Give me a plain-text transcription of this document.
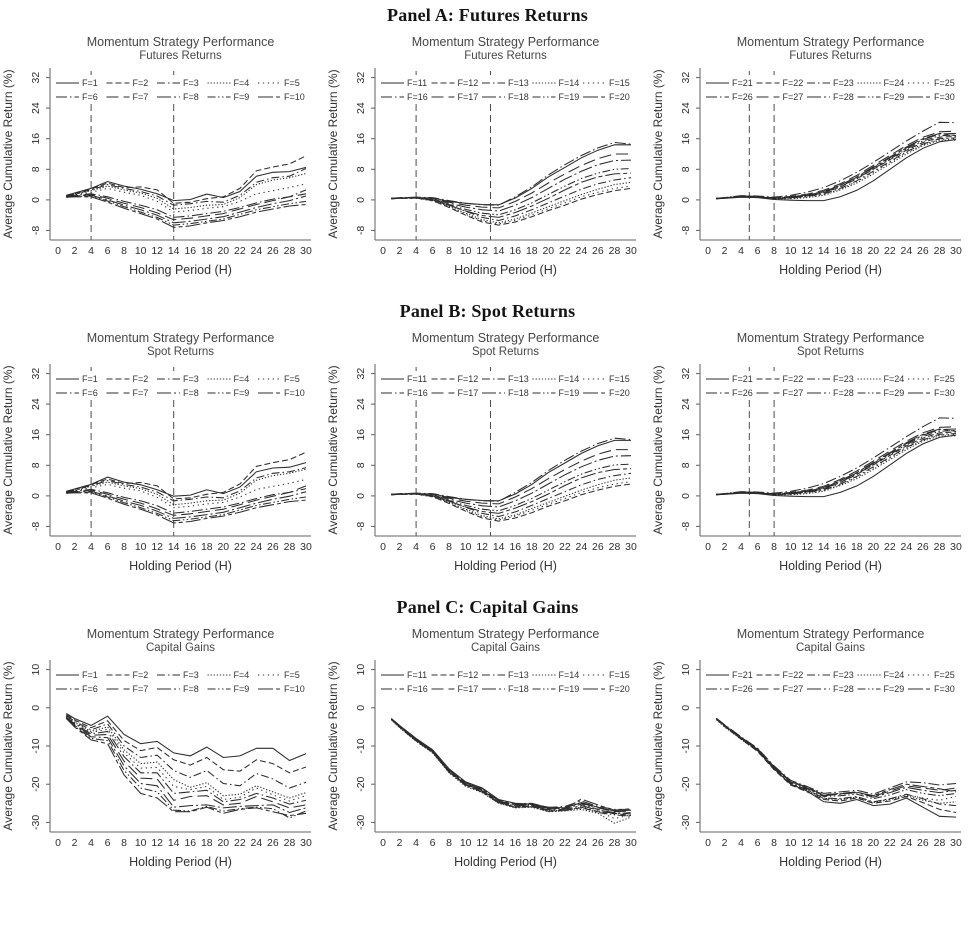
Panel A: Futures Returns
Momentum Strategy Performance
Futures Returns
F=1	F=2	F=3	F=4	F=5
F=6	F=7	F=8	F=9	F=10
0 2 4 6 8 10 12 14 16 18 20 22 24 26 28 30
-8
0
8
16
24
32
Holding Period (H)
Average Cumulative Return (%)
Momentum Strategy Performance
Futures Returns
F=11	F=12	F=13	F=14	F=15
F=16	F=17	F=18	F=19	F=20
0 2 4 6 8 10 12 14 16 18 20 22 24 26 28 30
-8
0
8
16
24
32
Holding Period (H)
Average Cumulative Return (%)
Momentum Strategy Performance
Futures Returns
F=21	F=22	F=23	F=24	F=25
F=26	F=27	F=28	F=29	F=30
0 2 4 6 8 10 12 14 16 18 20 22 24 26 28 30
-8
0
8
16
24
32
Holding Period (H)
Average Cumulative Return (%)
Panel B: Spot Returns
Momentum Strategy Performance
Spot Returns
F=1	F=2	F=3	F=4	F=5
F=6	F=7	F=8	F=9	F=10
0 2 4 6 8 10 12 14 16 18 20 22 24 26 28 30
-8
0
8
16
24
32
Holding Period (H)
Average Cumulative Return (%)
Momentum Strategy Performance
Spot Returns
F=11	F=12	F=13	F=14	F=15
F=16	F=17	F=18	F=19	F=20
0 2 4 6 8 10 12 14 16 18 20 22 24 26 28 30
-8
0
8
16
24
32
Holding Period (H)
Average Cumulative Return (%)
Momentum Strategy Performance
Spot Returns
F=21	F=22	F=23	F=24	F=25
F=26	F=27	F=28	F=29	F=30
0 2 4 6 8 10 12 14 16 18 20 22 24 26 28 30
-8
0
8
16
24
32
Holding Period (H)
Average Cumulative Return (%)
Panel C: Capital Gains
Momentum Strategy Performance
Capital Gains
F=1	F=2	F=3	F=4	F=5
F=6	F=7	F=8	F=9	F=10
0 2 4 6 8 10 12 14 16 18 20 22 24 26 28 30
-30
-20
-10
0
10
Holding Period (H)
Average Cumulative Return (%)
Momentum Strategy Performance
Capital Gains
F=11	F=12	F=13	F=14	F=15
F=16	F=17	F=18	F=19	F=20
0 2 4 6 8 10 12 14 16 18 20 22 24 26 28 30
-30
-20
-10
0
10
Holding Period (H)
Average Cumulative Return (%)
Momentum Strategy Performance
Capital Gains
F=21	F=22	F=23	F=24	F=25
F=26	F=27	F=28	F=29	F=30
0 2 4 6 8 10 12 14 16 18 20 22 24 26 28 30
-30
-20
-10
0
10
Holding Period (H)
Average Cumulative Return (%)
